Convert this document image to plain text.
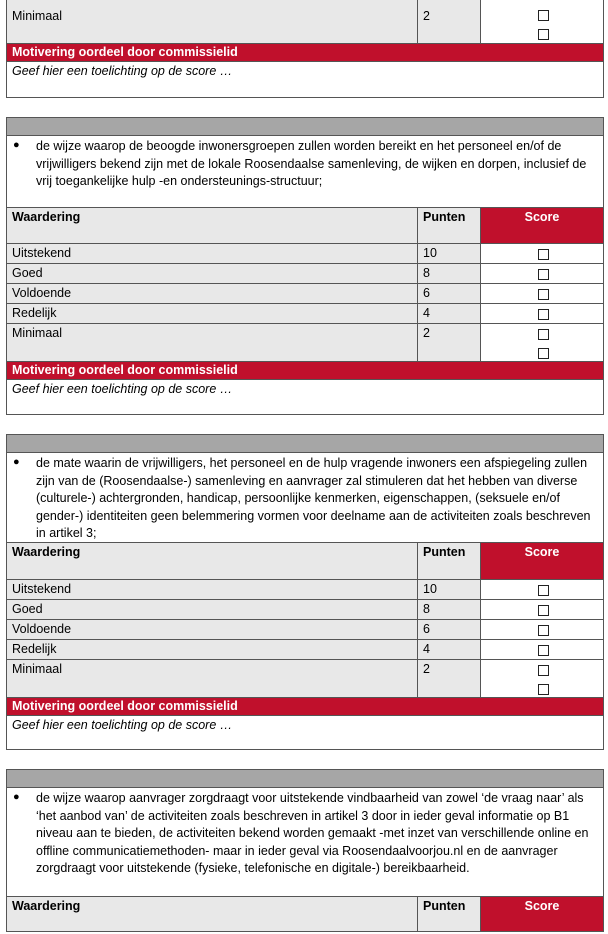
Minimaal	2
Motivering oordeel door commissielid
Geef hier een toelichting op de score …
● de wijze waarop de beoogde inwonersgroepen zullen worden bereikt en het personeel en/of de vrijwilligers bekend zijn met de lokale Roosendaalse samenleving, de wijken en dorpen, inclusief de vrij toegankelijke hulp -en ondersteunings-structuur;
Waardering	Punten	Score
Uitstekend	10
Goed	8
Voldoende	6
Redelijk	4
Minimaal	2
Motivering oordeel door commissielid
Geef hier een toelichting op de score …
● de mate waarin de vrijwilligers, het personeel en de hulp vragende inwoners een afspiegeling zullen zijn van de (Roosendaalse-) samenleving en aanvrager zal stimuleren dat het hebben van diverse (culturele-) achtergronden, handicap, persoonlijke kenmerken, eigenschappen, (seksuele en/of gender-) identiteiten geen belemmering vormen voor deelname aan de activiteiten zoals beschreven in artikel 3;
Waardering	Punten	Score
Uitstekend	10
Goed	8
Voldoende	6
Redelijk	4
Minimaal	2
Motivering oordeel door commissielid
Geef hier een toelichting op de score …
● de wijze waarop aanvrager zorgdraagt voor uitstekende vindbaarheid van zowel ‘de vraag naar’ als ‘het aanbod van’ de activiteiten zoals beschreven in artikel 3 door in ieder geval informatie op B1 niveau aan te bieden, de activiteiten bekend worden gemaakt -met inzet van verschillende online en offline communicatiemethoden- maar in ieder geval via Roosendaalvoorjou.nl en de aanvrager zorgdraagt voor uitstekende (fysieke, telefonische en digitale-) bereikbaarheid.
Waardering	Punten	Score
